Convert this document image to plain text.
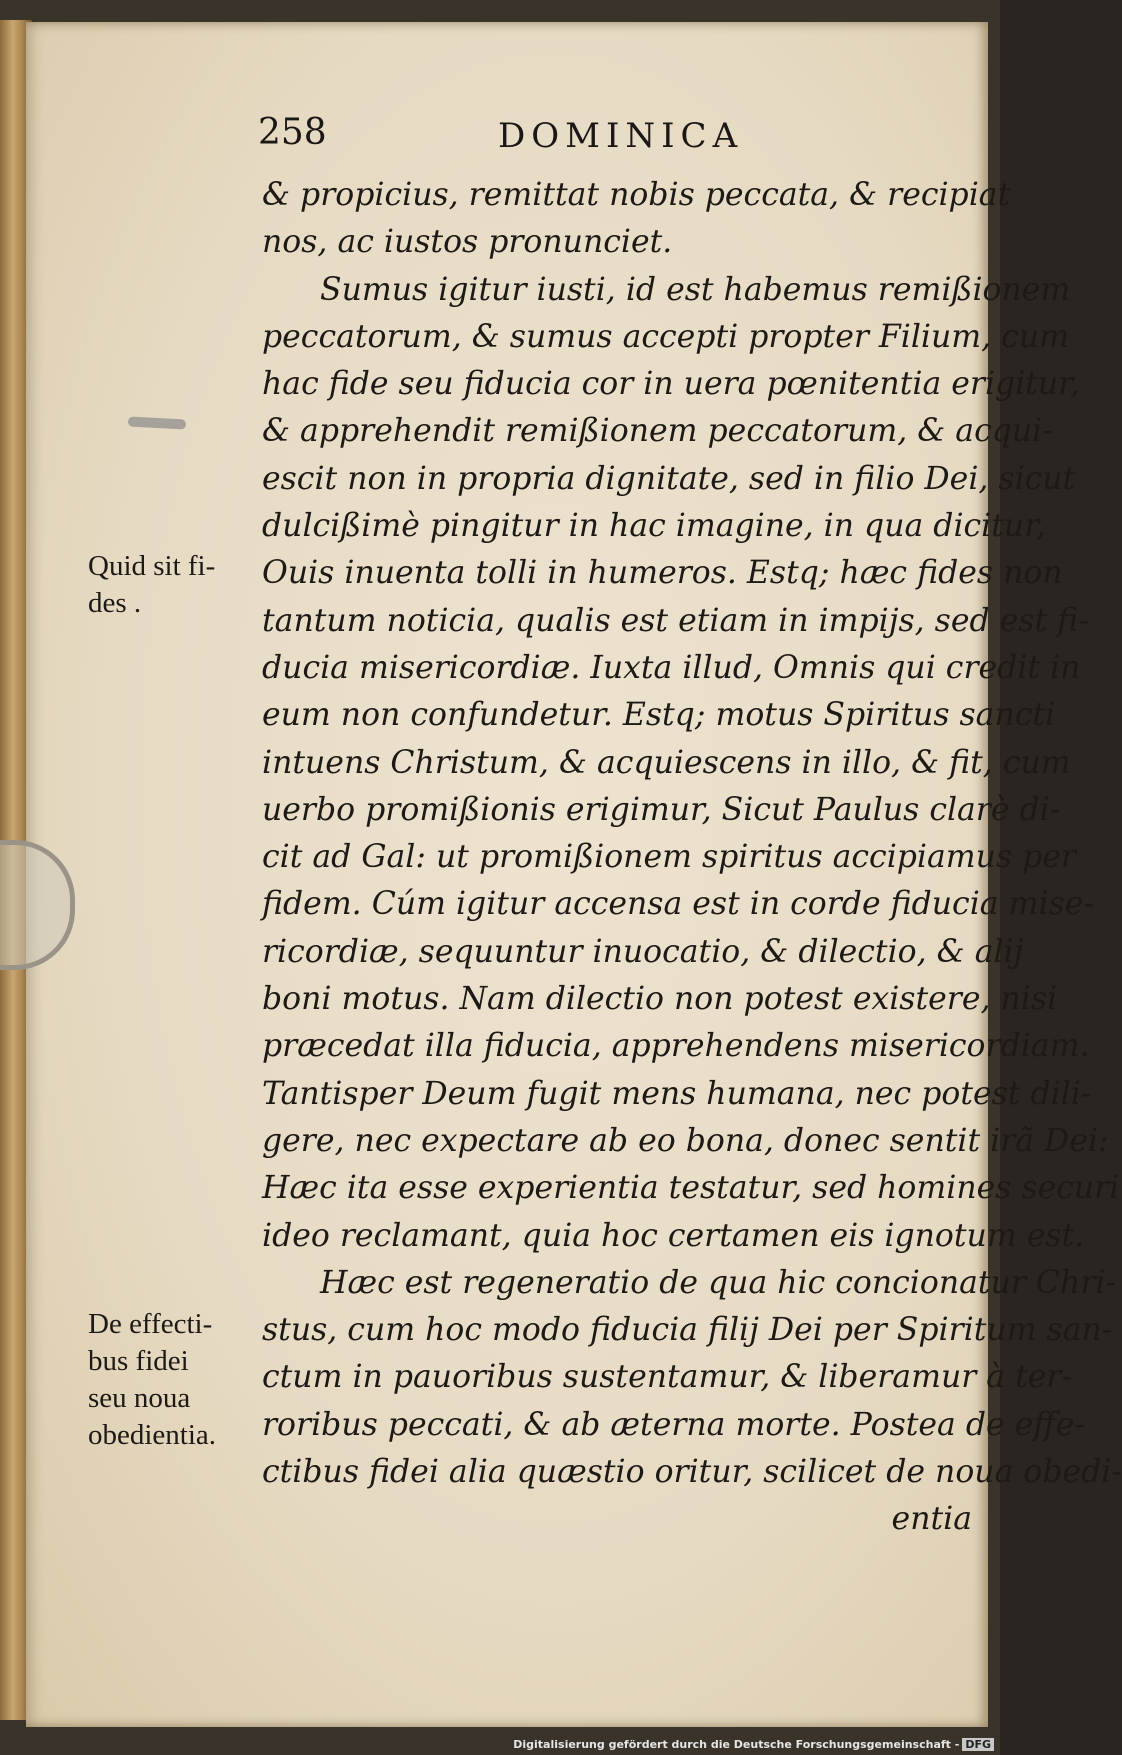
258	DOMINICA
Quid sit fi-
des .
De effecti-
bus fidei
seu noua
obedientia.
& propicius, remittat nobis peccata, & recipiat
nos, ac iustos pronunciet.
Sumus igitur iusti, id est habemus remißionem
peccatorum, & sumus accepti propter Filium, cum
hac fide seu fiducia cor in uera pœnitentia erigitur,
& apprehendit remißionem peccatorum, & acqui-
escit non in propria dignitate, sed in filio Dei, sicut
dulcißimè pingitur in hac imagine, in qua dicitur,
Ouis inuenta tolli in humeros. Estq; hæc fides non
tantum noticia, qualis est etiam in impijs, sed est fi-
ducia misericordiæ. Iuxta illud, Omnis qui credit in
eum non confundetur. Estq; motus Spiritus sancti
intuens Christum, & acquiescens in illo, & fit, cum
uerbo promißionis erigimur, Sicut Paulus clarè di-
cit ad Gal: ut promißionem spiritus accipiamus per
fidem. Cúm igitur accensa est in corde fiducia mise-
ricordiæ, sequuntur inuocatio, & dilectio, & alij
boni motus. Nam dilectio non potest existere, nisi
præcedat illa fiducia, apprehendens misericordiam.
Tantisper Deum fugit mens humana, nec potest dili-
gere, nec expectare ab eo bona, donec sentit irã Dei:
Hæc ita esse experientia testatur, sed homines securi
ideo reclamant, quia hoc certamen eis ignotum est.
Hæc est regeneratio de qua hic concionatur Chri-
stus, cum hoc modo fiducia filij Dei per Spiritum san-
ctum in pauoribus sustentamur, & liberamur à ter-
roribus peccati, & ab æterna morte. Postea de effe-
ctibus fidei alia quæstio oritur, scilicet de noua obedi-
entia
Digitalisierung gefördert durch die Deutsche Forschungsgemeinschaft - DFG
